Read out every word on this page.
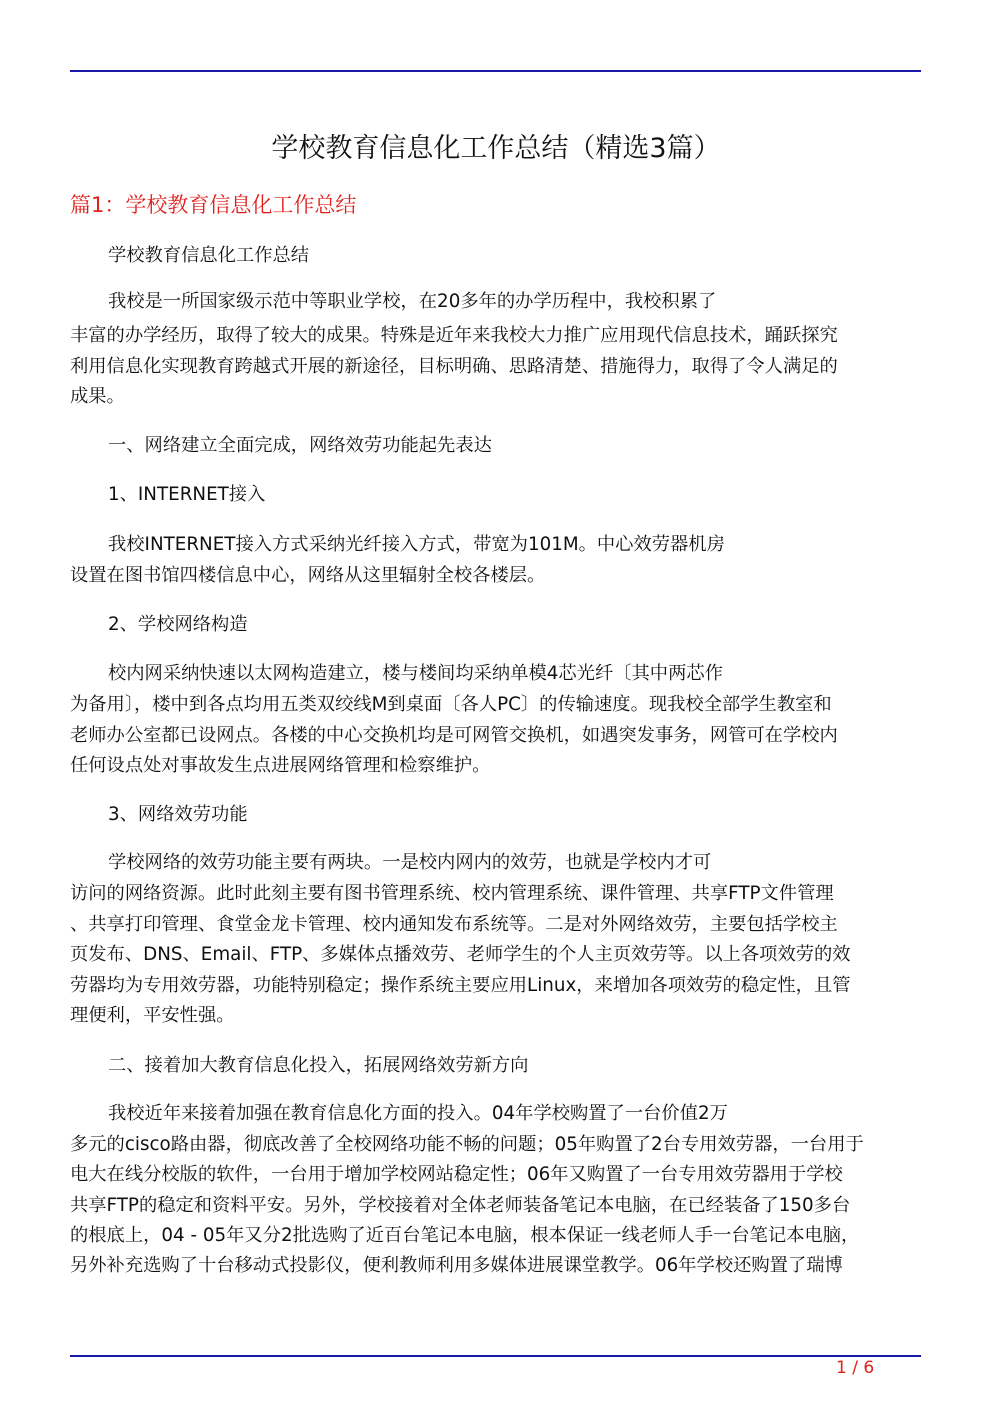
学校教育信息化工作总结（精选3篇）
篇1：学校教育信息化工作总结
学校教育信息化工作总结
我校是一所国家级示范中等职业学校，在20多年的办学历程中，我校积累了
丰富的办学经历，取得了较大的成果。特殊是近年来我校大力推广应用现代信息技术，踊跃探究
利用信息化实现教育跨越式开展的新途径，目标明确、思路清楚、措施得力，取得了令人满足的
成果。
一、网络建立全面完成，网络效劳功能起先表达
1、INTERNET接入
我校INTERNET接入方式采纳光纤接入方式，带宽为101M。中心效劳器机房
设置在图书馆四楼信息中心，网络从这里辐射全校各楼层。
2、学校网络构造
校内网采纳快速以太网构造建立，楼与楼间均采纳单模4芯光纤〔其中两芯作
为备用〕，楼中到各点均用五类双绞线M到桌面〔各人PC〕的传输速度。现我校全部学生教室和
老师办公室都已设网点。各楼的中心交换机均是可网管交换机，如遇突发事务，网管可在学校内
任何设点处对事故发生点进展网络管理和检察维护。
3、网络效劳功能
学校网络的效劳功能主要有两块。一是校内网内的效劳，也就是学校内才可
访问的网络资源。此时此刻主要有图书管理系统、校内管理系统、课件管理、共享FTP文件管理
、共享打印管理、食堂金龙卡管理、校内通知发布系统等。二是对外网络效劳，主要包括学校主
页发布、DNS、Email、FTP、多媒体点播效劳、老师学生的个人主页效劳等。以上各项效劳的效
劳器均为专用效劳器，功能特别稳定；操作系统主要应用Linux，来增加各项效劳的稳定性，且管
理便利，平安性强。
二、接着加大教育信息化投入，拓展网络效劳新方向
我校近年来接着加强在教育信息化方面的投入。04年学校购置了一台价值2万
多元的cisco路由器，彻底改善了全校网络功能不畅的问题；05年购置了2台专用效劳器，一台用于
电大在线分校版的软件，一台用于增加学校网站稳定性；06年又购置了一台专用效劳器用于学校
共享FTP的稳定和资料平安。另外，学校接着对全体老师装备笔记本电脑，在已经装备了150多台
的根底上，04 - 05年又分2批选购了近百台笔记本电脑，根本保证一线老师人手一台笔记本电脑，
另外补充选购了十台移动式投影仪，便利教师利用多媒体进展课堂教学。06年学校还购置了瑞博
1 / 6
